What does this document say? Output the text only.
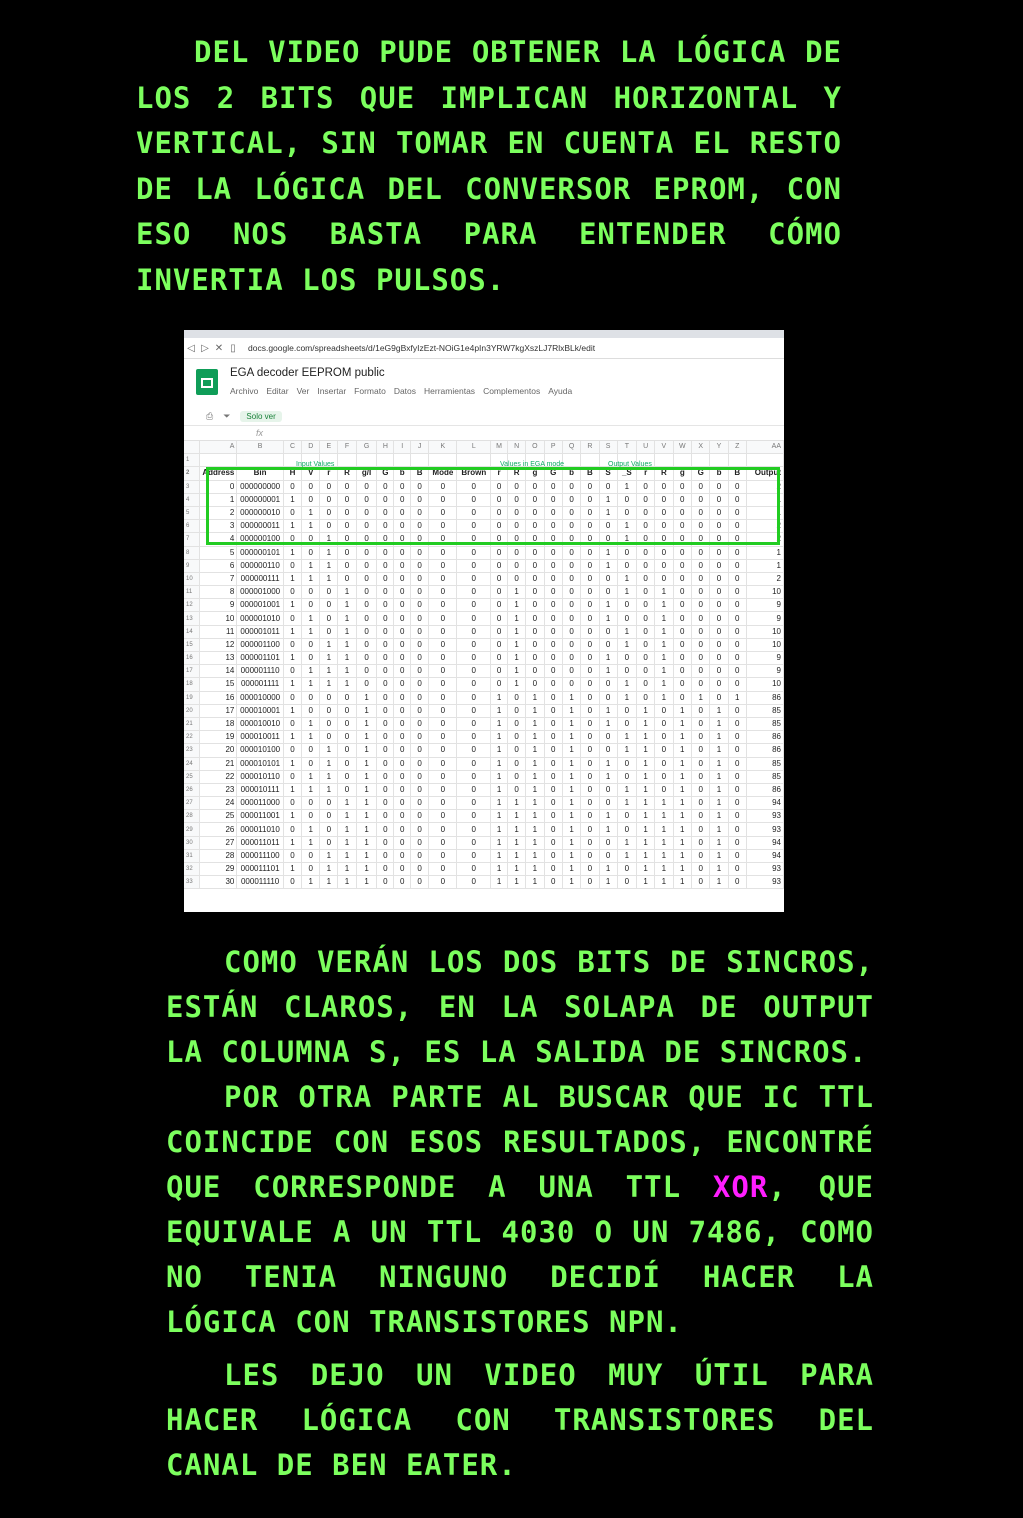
DEL VIDEO PUDE OBTENER LA LÓGICA DE LOS 2 BITS QUE IMPLICAN HORIZONTAL Y VERTICAL, SIN TOMAR EN CUENTA EL RESTO DE LA LÓGICA DEL CONVERSOR EPROM, CON ESO NOS BASTA PARA ENTENDER CÓMO INVERTIA LOS PULSOS.

◁ ▷ ✕ ▯	docs.google.com/spreadsheets/d/1eG9gBxfyIzEzt-NOiG1e4pIn3YRW7kgXszLJ7RlxBLk/edit
EGA decoder EEPROM public
Archivo Editar Ver Insertar Formato Datos Herramientas Complementos Ayuda
⎙ ⏷	Solo ver
fx
	A	B	C	D	E	F	G	H	I	J	K	L	M	N	O	P	Q	R	S	T	U	V	W	X	Y	Z	AA
1																											
2	Address	Bin	H	V	r	R	g/I	G	b	B	Mode	Brown	r	R	g	G	b	B	S	_S	r	R	g	G	b	B	Output
3	0	000000000	0	0	0	0	0	0	0	0	0	0	0	0	0	0	0	0	0	1	0	0	0	0	0	0	2
4	1	000000001	1	0	0	0	0	0	0	0	0	0	0	0	0	0	0	0	1	0	0	0	0	0	0	0	1
5	2	000000010	0	1	0	0	0	0	0	0	0	0	0	0	0	0	0	0	1	0	0	0	0	0	0	0	1
6	3	000000011	1	1	0	0	0	0	0	0	0	0	0	0	0	0	0	0	0	1	0	0	0	0	0	0	2
7	4	000000100	0	0	1	0	0	0	0	0	0	0	0	0	0	0	0	0	0	1	0	0	0	0	0	0	2
8	5	000000101	1	0	1	0	0	0	0	0	0	0	0	0	0	0	0	0	1	0	0	0	0	0	0	0	1
9	6	000000110	0	1	1	0	0	0	0	0	0	0	0	0	0	0	0	0	1	0	0	0	0	0	0	0	1
10	7	000000111	1	1	1	0	0	0	0	0	0	0	0	0	0	0	0	0	0	1	0	0	0	0	0	0	2
11	8	000001000	0	0	0	1	0	0	0	0	0	0	0	1	0	0	0	0	0	1	0	1	0	0	0	0	10
12	9	000001001	1	0	0	1	0	0	0	0	0	0	0	1	0	0	0	0	1	0	0	1	0	0	0	0	9
13	10	000001010	0	1	0	1	0	0	0	0	0	0	0	1	0	0	0	0	1	0	0	1	0	0	0	0	9
14	11	000001011	1	1	0	1	0	0	0	0	0	0	0	1	0	0	0	0	0	1	0	1	0	0	0	0	10
15	12	000001100	0	0	1	1	0	0	0	0	0	0	0	1	0	0	0	0	0	1	0	1	0	0	0	0	10
16	13	000001101	1	0	1	1	0	0	0	0	0	0	0	1	0	0	0	0	1	0	0	1	0	0	0	0	9
17	14	000001110	0	1	1	1	0	0	0	0	0	0	0	1	0	0	0	0	1	0	0	1	0	0	0	0	9
18	15	000001111	1	1	1	1	0	0	0	0	0	0	0	1	0	0	0	0	0	1	0	1	0	0	0	0	10
19	16	000010000	0	0	0	0	1	0	0	0	0	0	1	0	1	0	1	0	0	1	0	1	0	1	0	1	86
20	17	000010001	1	0	0	0	1	0	0	0	0	0	1	0	1	0	1	0	1	0	1	0	1	0	1	0	85
21	18	000010010	0	1	0	0	1	0	0	0	0	0	1	0	1	0	1	0	1	0	1	0	1	0	1	0	85
22	19	000010011	1	1	0	0	1	0	0	0	0	0	1	0	1	0	1	0	0	1	1	0	1	0	1	0	86
23	20	000010100	0	0	1	0	1	0	0	0	0	0	1	0	1	0	1	0	0	1	1	0	1	0	1	0	86
24	21	000010101	1	0	1	0	1	0	0	0	0	0	1	0	1	0	1	0	1	0	1	0	1	0	1	0	85
25	22	000010110	0	1	1	0	1	0	0	0	0	0	1	0	1	0	1	0	1	0	1	0	1	0	1	0	85
26	23	000010111	1	1	1	0	1	0	0	0	0	0	1	0	1	0	1	0	0	1	1	0	1	0	1	0	86
27	24	000011000	0	0	0	1	1	0	0	0	0	0	1	1	1	0	1	0	0	1	1	1	1	0	1	0	94
28	25	000011001	1	0	0	1	1	0	0	0	0	0	1	1	1	0	1	0	1	0	1	1	1	0	1	0	93
29	26	000011010	0	1	0	1	1	0	0	0	0	0	1	1	1	0	1	0	1	0	1	1	1	0	1	0	93
30	27	000011011	1	1	0	1	1	0	0	0	0	0	1	1	1	0	1	0	0	1	1	1	1	0	1	0	94
31	28	000011100	0	0	1	1	1	0	0	0	0	0	1	1	1	0	1	0	0	1	1	1	1	0	1	0	94
32	29	000011101	1	0	1	1	1	0	0	0	0	0	1	1	1	0	1	0	1	0	1	1	1	0	1	0	93
33	30	000011110	0	1	1	1	1	0	0	0	0	0	1	1	1	0	1	0	1	0	1	1	1	0	1	0	93
Input Values	Values in EGA mode	Output Values

COMO VERÁN LOS DOS BITS DE SINCROS, ESTÁN CLAROS, EN LA SOLAPA DE OUTPUT LA COLUMNA S, ES LA SALIDA DE SINCROS.

POR OTRA PARTE AL BUSCAR QUE IC TTL COINCIDE CON ESOS RESULTADOS, ENCONTRÉ QUE CORRESPONDE A UNA TTL XOR, QUE EQUIVALE A UN TTL 4030 O UN 7486, COMO NO TENIA NINGUNO DECIDÍ HACER LA LÓGICA CON TRANSISTORES NPN.

LES DEJO UN VIDEO MUY ÚTIL PARA HACER LÓGICA CON TRANSISTORES DEL CANAL DE BEN EATER.
